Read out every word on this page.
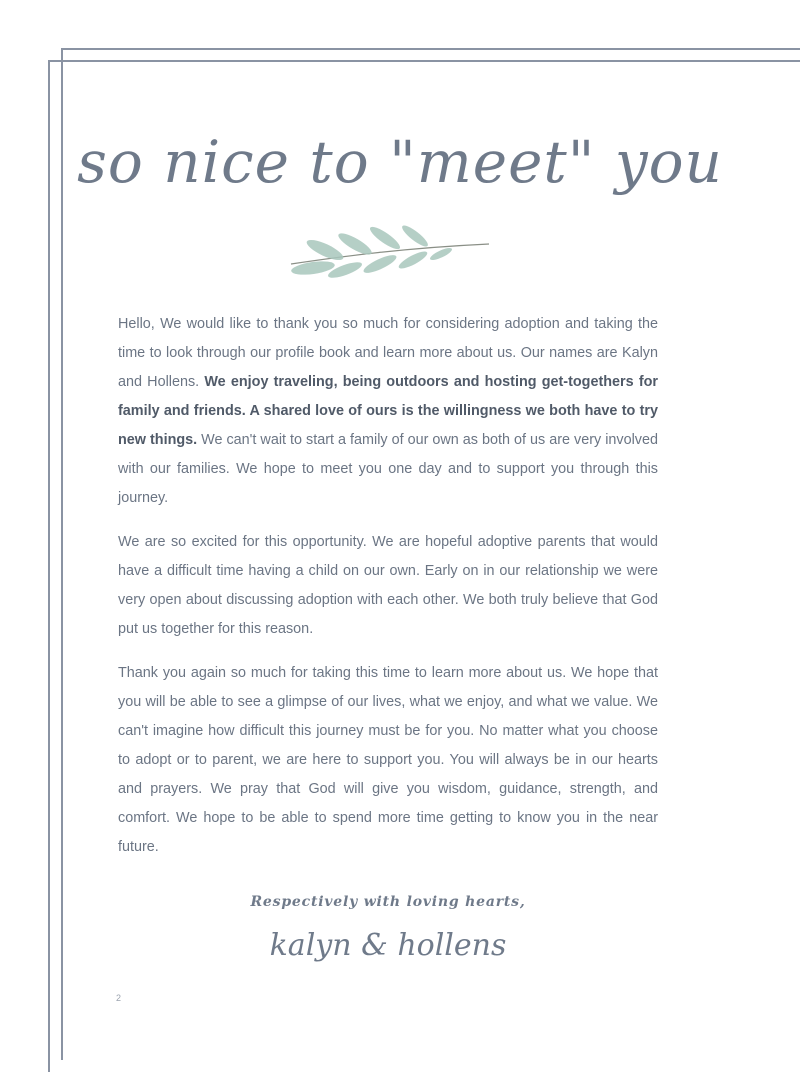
so nice to "meet" you

Hello, We would like to thank you so much for considering adoption and taking the time to look through our profile book and learn more about us. Our names are Kalyn and Hollens. We enjoy traveling, being outdoors and hosting get-togethers for family and friends. A shared love of ours is the willingness we both have to try new things. We can't wait to start a family of our own as both of us are very involved with our families. We hope to meet you one day and to support you through this journey.

We are so excited for this opportunity. We are hopeful adoptive parents that would have a difficult time having a child on our own. Early on in our relationship we were very open about discussing adoption with each other. We both truly believe that God put us together for this reason.

Thank you again so much for taking this time to learn more about us. We hope that you will be able to see a glimpse of our lives, what we enjoy, and what we value. We can't imagine how difficult this journey must be for you. No matter what you choose to adopt or to parent, we are here to support you. You will always be in our hearts and prayers. We pray that God will give you wisdom, guidance, strength, and comfort. We hope to be able to spend more time getting to know you in the near future.

Respectively with loving hearts,
kalyn & hollens
2
